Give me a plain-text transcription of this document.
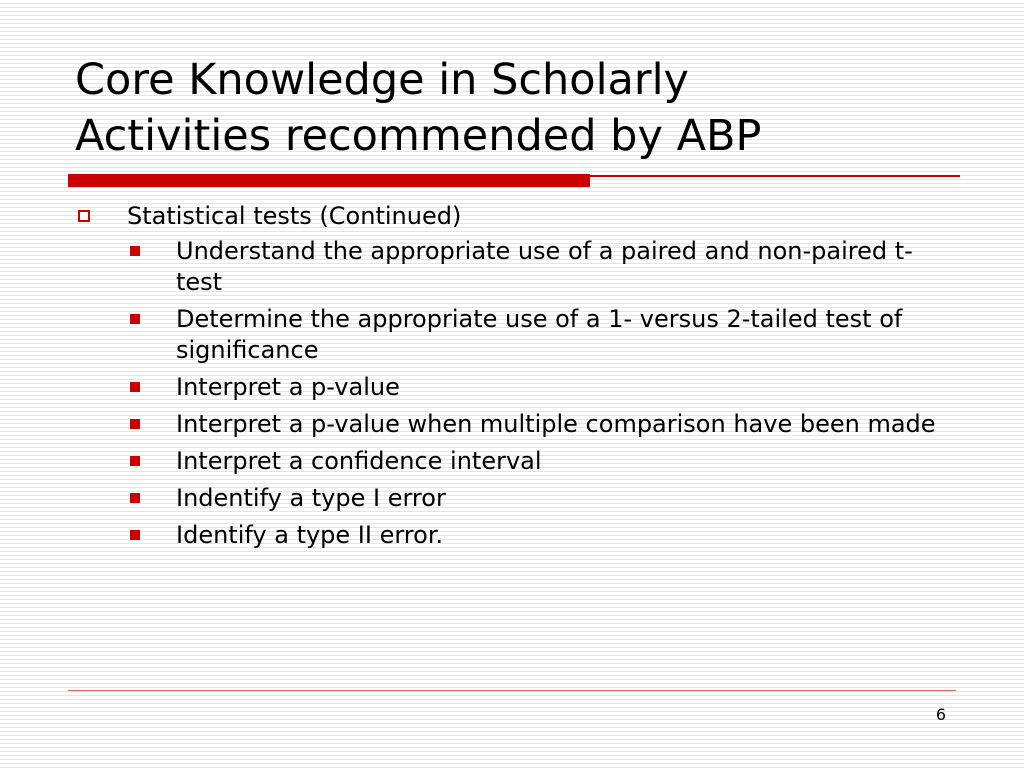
Core Knowledge in Scholarly
Activities recommended by ABP
Statistical tests (Continued)
Understand the appropriate use of a paired and non-paired t-test
Determine the appropriate use of a 1- versus 2-tailed test of significance
Interpret a p-value
Interpret a p-value when multiple comparison have been made
Interpret a confidence interval
Indentify a type I error
Identify a type II error.
6
